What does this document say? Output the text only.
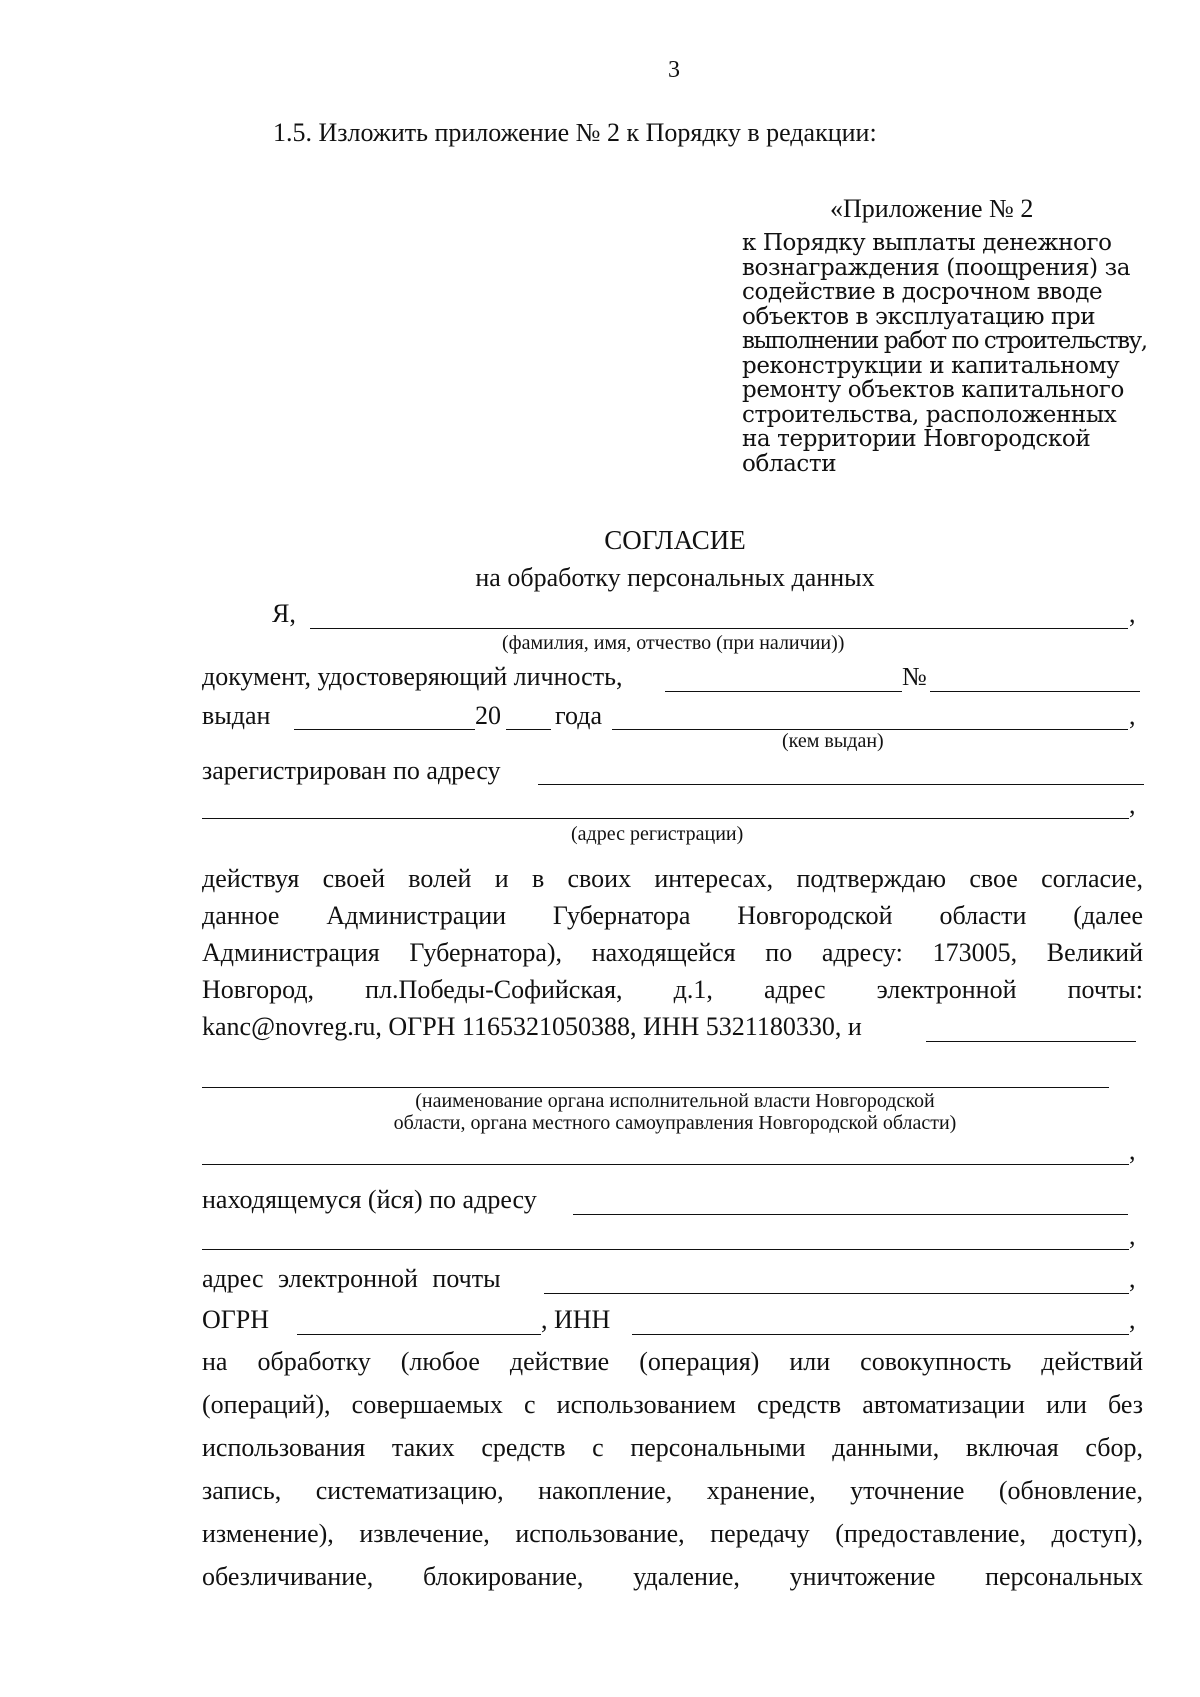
3
1.5. Изложить приложение № 2 к Порядку в редакции:
«Приложение № 2
к Порядку выплаты денежного
вознаграждения (поощрения) за
содействие в досрочном вводе
объектов в эксплуатацию при
выполнении работ по строительству,
реконструкции и капитальному
ремонту объектов капитального
строительства, расположенных
на территории Новгородской
области
СОГЛАСИЕ
на обработку персональных данных
Я,	,
(фамилия, имя, отчество (при наличии))
документ, удостоверяющий личность,	№
выдан	20 года	,
(кем выдан)
зарегистрирован по адресу
,
(адрес регистрации)
действуя своей волей и в своих интересах, подтверждаю свое согласие,
данное Администрации Губернатора Новгородской области (далее
Администрация Губернатора), находящейся по адресу: 173005, Великий
Новгород, пл.Победы-Софийская, д.1, адрес электронной почты:
kanc@novreg.ru, ОГРН 1165321050388, ИНН 5321180330, и
(наименование органа исполнительной власти Новгородской
области, органа местного самоуправления Новгородской области)
,
находящемуся (йся) по адресу
,
адрес электронной почты	,
ОГРН	, ИНН	,
на обработку (любое действие (операция) или совокупность действий
(операций), совершаемых с использованием средств автоматизации или без
использования таких средств с персональными данными, включая сбор,
запись, систематизацию, накопление, хранение, уточнение (обновление,
изменение), извлечение, использование, передачу (предоставление, доступ),
обезличивание, блокирование, удаление, уничтожение персональных
